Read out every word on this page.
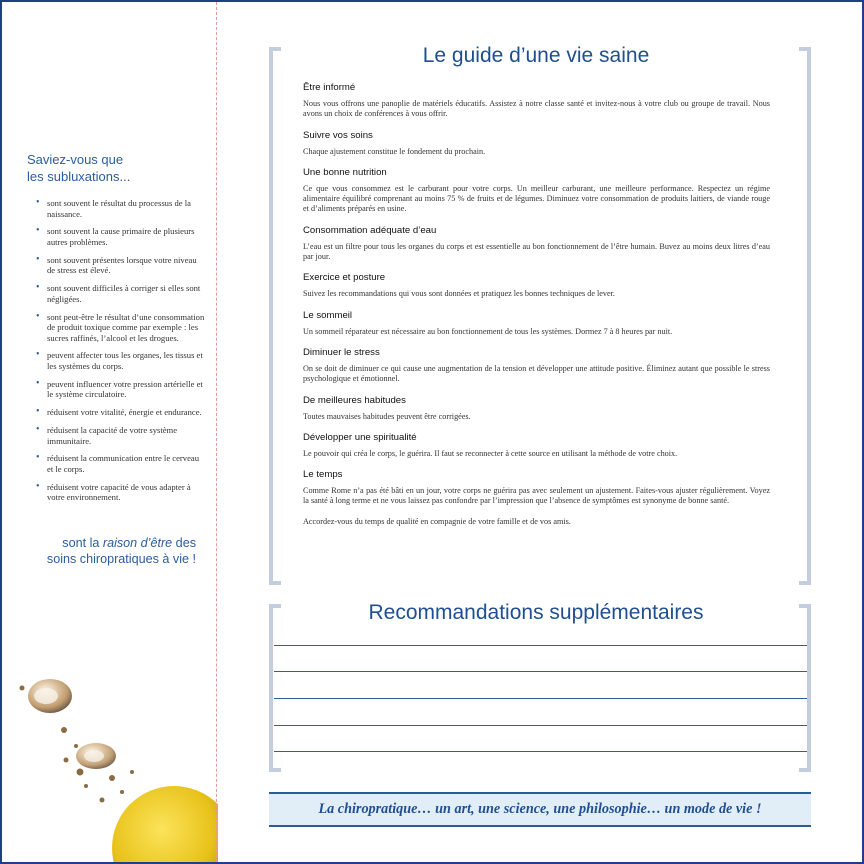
Saviez-vous que
les subluxations...
• sont souvent le résultat du processus de la naissance.
• sont souvent la cause primaire de plusieurs autres problèmes.
• sont souvent présentes lorsque votre niveau de stress est élevé.
• sont souvent difficiles à corriger si elles sont négligées.
• sont peut-être le résultat d’une consommation de produit toxique comme par exemple : les sucres raffinés, l’alcool et les drogues.
• peuvent affecter tous les organes, les tissus et les systèmes du corps.
• peuvent influencer votre pression artérielle et le système circulatoire.
• réduisent votre vitalité, énergie et endurance.
• réduisent la capacité de votre système immunitaire.
• réduisent la communication entre le cerveau et le corps.
• réduisent votre capacité de vous adapter à votre environnement.
sont la raison d’être des
soins chiropratiques à vie !
Le guide d’une vie saine
Être informé
Nous vous offrons une panoplie de matériels éducatifs. Assistez à notre classe santé et invitez-nous à votre club ou groupe de travail. Nous avons un choix de conférences à vous offrir.
Suivre vos soins
Chaque ajustement constitue le fondement du prochain.
Une bonne nutrition
Ce que vous consommez est le carburant pour votre corps. Un meilleur carburant, une meilleure performance. Respectez un régime alimentaire équilibré comprenant au moins 75 % de fruits et de légumes. Diminuez votre consommation de produits laitiers, de viande rouge et d’aliments préparés en usine.
Consommation adéquate d’eau
L’eau est un filtre pour tous les organes du corps et est essentielle au bon fonctionnement de l’être humain. Buvez au moins deux litres d’eau par jour.
Exercice et posture
Suivez les recommandations qui vous sont données et pratiquez les bonnes techniques de lever.
Le sommeil
Un sommeil réparateur est nécessaire au bon fonctionnement de tous les systèmes. Dormez 7 à 8 heures par nuit.
Diminuer le stress
On se doit de diminuer ce qui cause une augmentation de la tension et développer une attitude positive. Éliminez autant que possible le stress psychologique et émotionnel.
De meilleures habitudes
Toutes mauvaises habitudes peuvent être corrigées.
Développer une spiritualité
Le pouvoir qui créa le corps, le guérira. Il faut se reconnecter à cette source en utilisant la méthode de votre choix.
Le temps
Comme Rome n’a pas été bâti en un jour, votre corps ne guérira pas avec seulement un ajustement. Faites-vous ajuster régulièrement. Voyez la santé à long terme et ne vous laissez pas confondre par l’impression que l’absence de symptômes est synonyme de bonne santé.
Accordez-vous du temps de qualité en compagnie de votre famille et de vos amis.
Recommandations supplémentaires
La chiropratique… un art, une science, une philosophie… un mode de vie !
